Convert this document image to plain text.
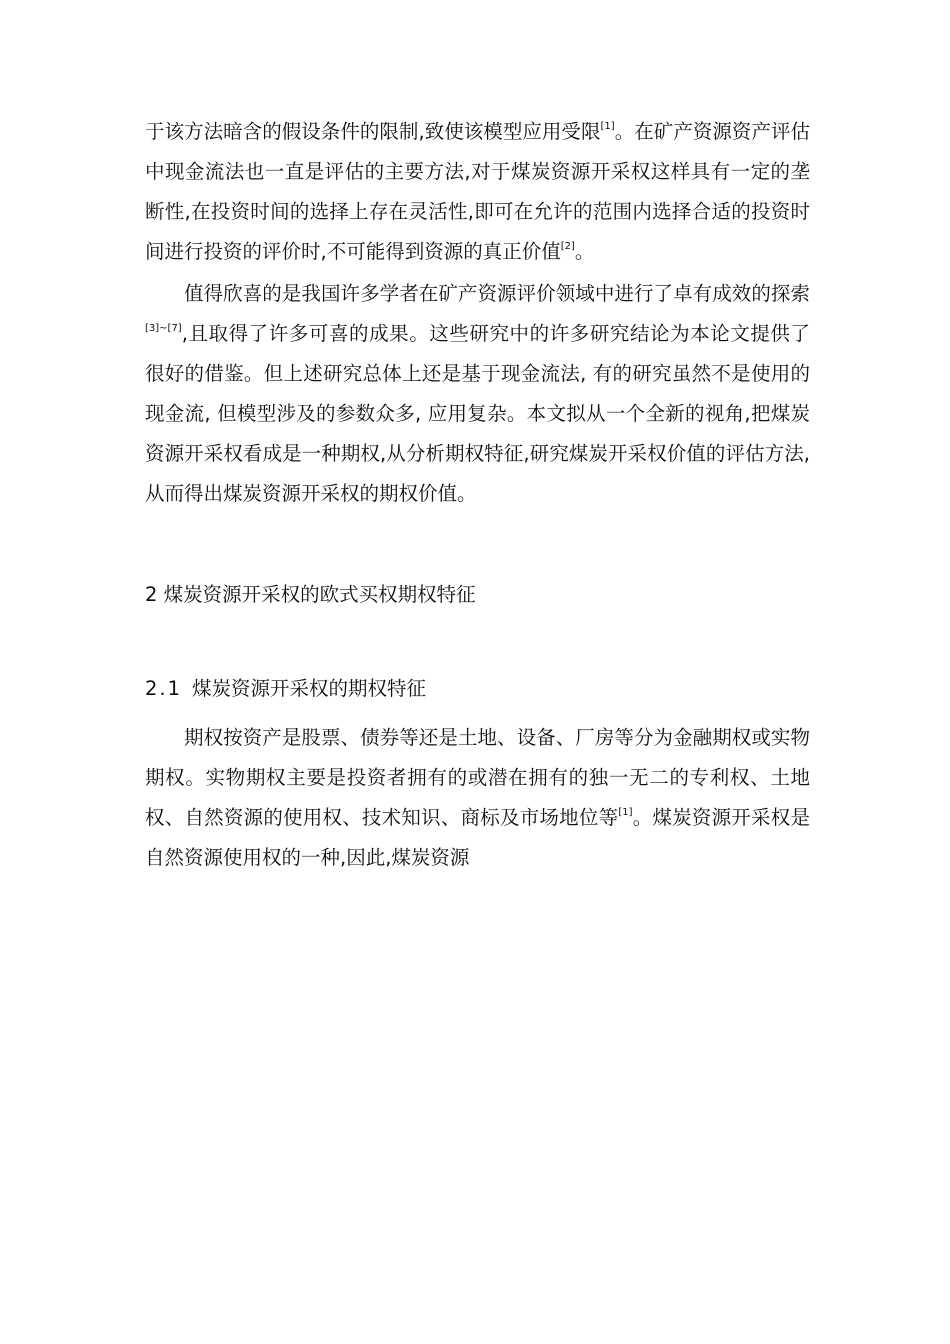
于该方法暗含的假设条件的限制,致使该模型应用受限[1]。在矿产资源资产评估中现金流法也一直是评估的主要方法,对于煤炭资源开采权这样具有一定的垄断性,在投资时间的选择上存在灵活性,即可在允许的范围内选择合适的投资时间进行投资的评价时,不可能得到资源的真正价值[2]。

值得欣喜的是我国许多学者在矿产资源评价领域中进行了卓有成效的探索[3]~[7],且取得了许多可喜的成果。这些研究中的许多研究结论为本论文提供了很好的借鉴。但上述研究总体上还是基于现金流法, 有的研究虽然不是使用的现金流, 但模型涉及的参数众多, 应用复杂。本文拟从一个全新的视角,把煤炭资源开采权看成是一种期权,从分析期权特征,研究煤炭开采权价值的评估方法,从而得出煤炭资源开采权的期权价值。

2 煤炭资源开采权的欧式买权期权特征
2.1 煤炭资源开采权的期权特征

期权按资产是股票、债券等还是土地、设备、厂房等分为金融期权或实物期权。实物期权主要是投资者拥有的或潜在拥有的独一无二的专利权、土地权、自然资源的使用权、技术知识、商标及市场地位等[1]。煤炭资源开采权是自然资源使用权的一种,因此,煤炭资源
